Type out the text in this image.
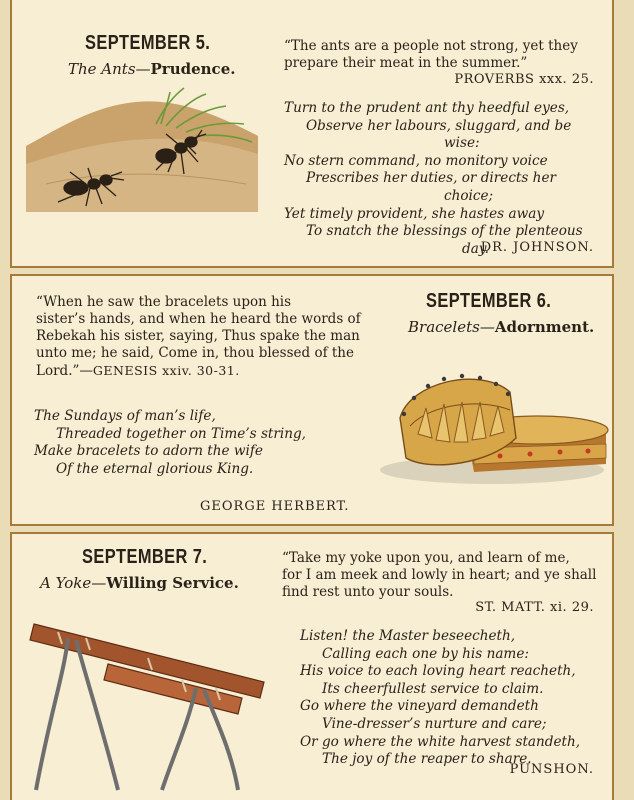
SEPTEMBER 5.
The Ants—Prudence.
“The ants are a people not strong, yet they
prepare their meat in the summer.”
PROVERBS xxx. 25.
Turn to the prudent ant thy heedful eyes,
Observe her labours, sluggard, and be
wise:
No stern command, no monitory voice
Prescribes her duties, or directs her
choice;
Yet timely provident, she hastes away
To snatch the blessings of the plenteous
day.
DR. JOHNSON.
“When he saw the bracelets upon his
sister’s hands, and when he heard the words of
Rebekah his sister, saying, Thus spake the man
unto me; he said, Come in, thou blessed of the
Lord.”—GENESIS xxiv. 30-31.
SEPTEMBER 6.
Bracelets—Adornment.
The Sundays of man’s life,
Threaded together on Time’s string,
Make bracelets to adorn the wife
Of the eternal glorious King.
GEORGE HERBERT.
SEPTEMBER 7.
A Yoke—Willing Service.
“Take my yoke upon you, and learn of me,
for I am meek and lowly in heart; and ye shall
find rest unto your souls.
ST. MATT. xi. 29.
Listen! the Master beseecheth,
Calling each one by his name:
His voice to each loving heart reacheth,
Its cheerfullest service to claim.
Go where the vineyard demandeth
Vine-dresser’s nurture and care;
Or go where the white harvest standeth,
The joy of the reaper to share.
PUNSHON.
